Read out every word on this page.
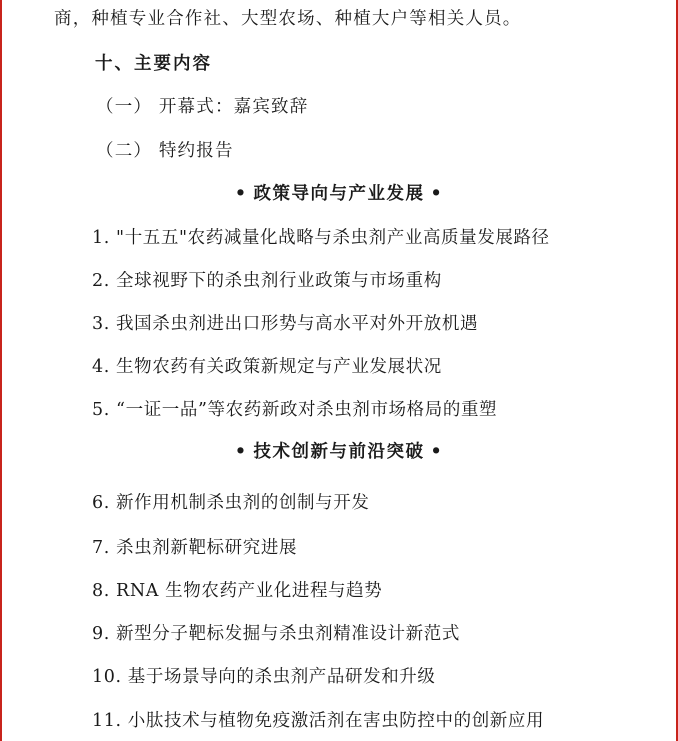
商，种植专业合作社、大型农场、种植大户等相关人员。
十、主要内容
（一） 开幕式：嘉宾致辞
（二） 特约报告
• 政策导向与产业发展 •
1. "十五五"农药减量化战略与杀虫剂产业高质量发展路径
2. 全球视野下的杀虫剂行业政策与市场重构
3. 我国杀虫剂进出口形势与高水平对外开放机遇
4. 生物农药有关政策新规定与产业发展状况
5. “一证一品”等农药新政对杀虫剂市场格局的重塑
• 技术创新与前沿突破 •
6. 新作用机制杀虫剂的创制与开发
7. 杀虫剂新靶标研究进展
8. RNA 生物农药产业化进程与趋势
9. 新型分子靶标发掘与杀虫剂精准设计新范式
10. 基于场景导向的杀虫剂产品研发和升级
11. 小肽技术与植物免疫激活剂在害虫防控中的创新应用
